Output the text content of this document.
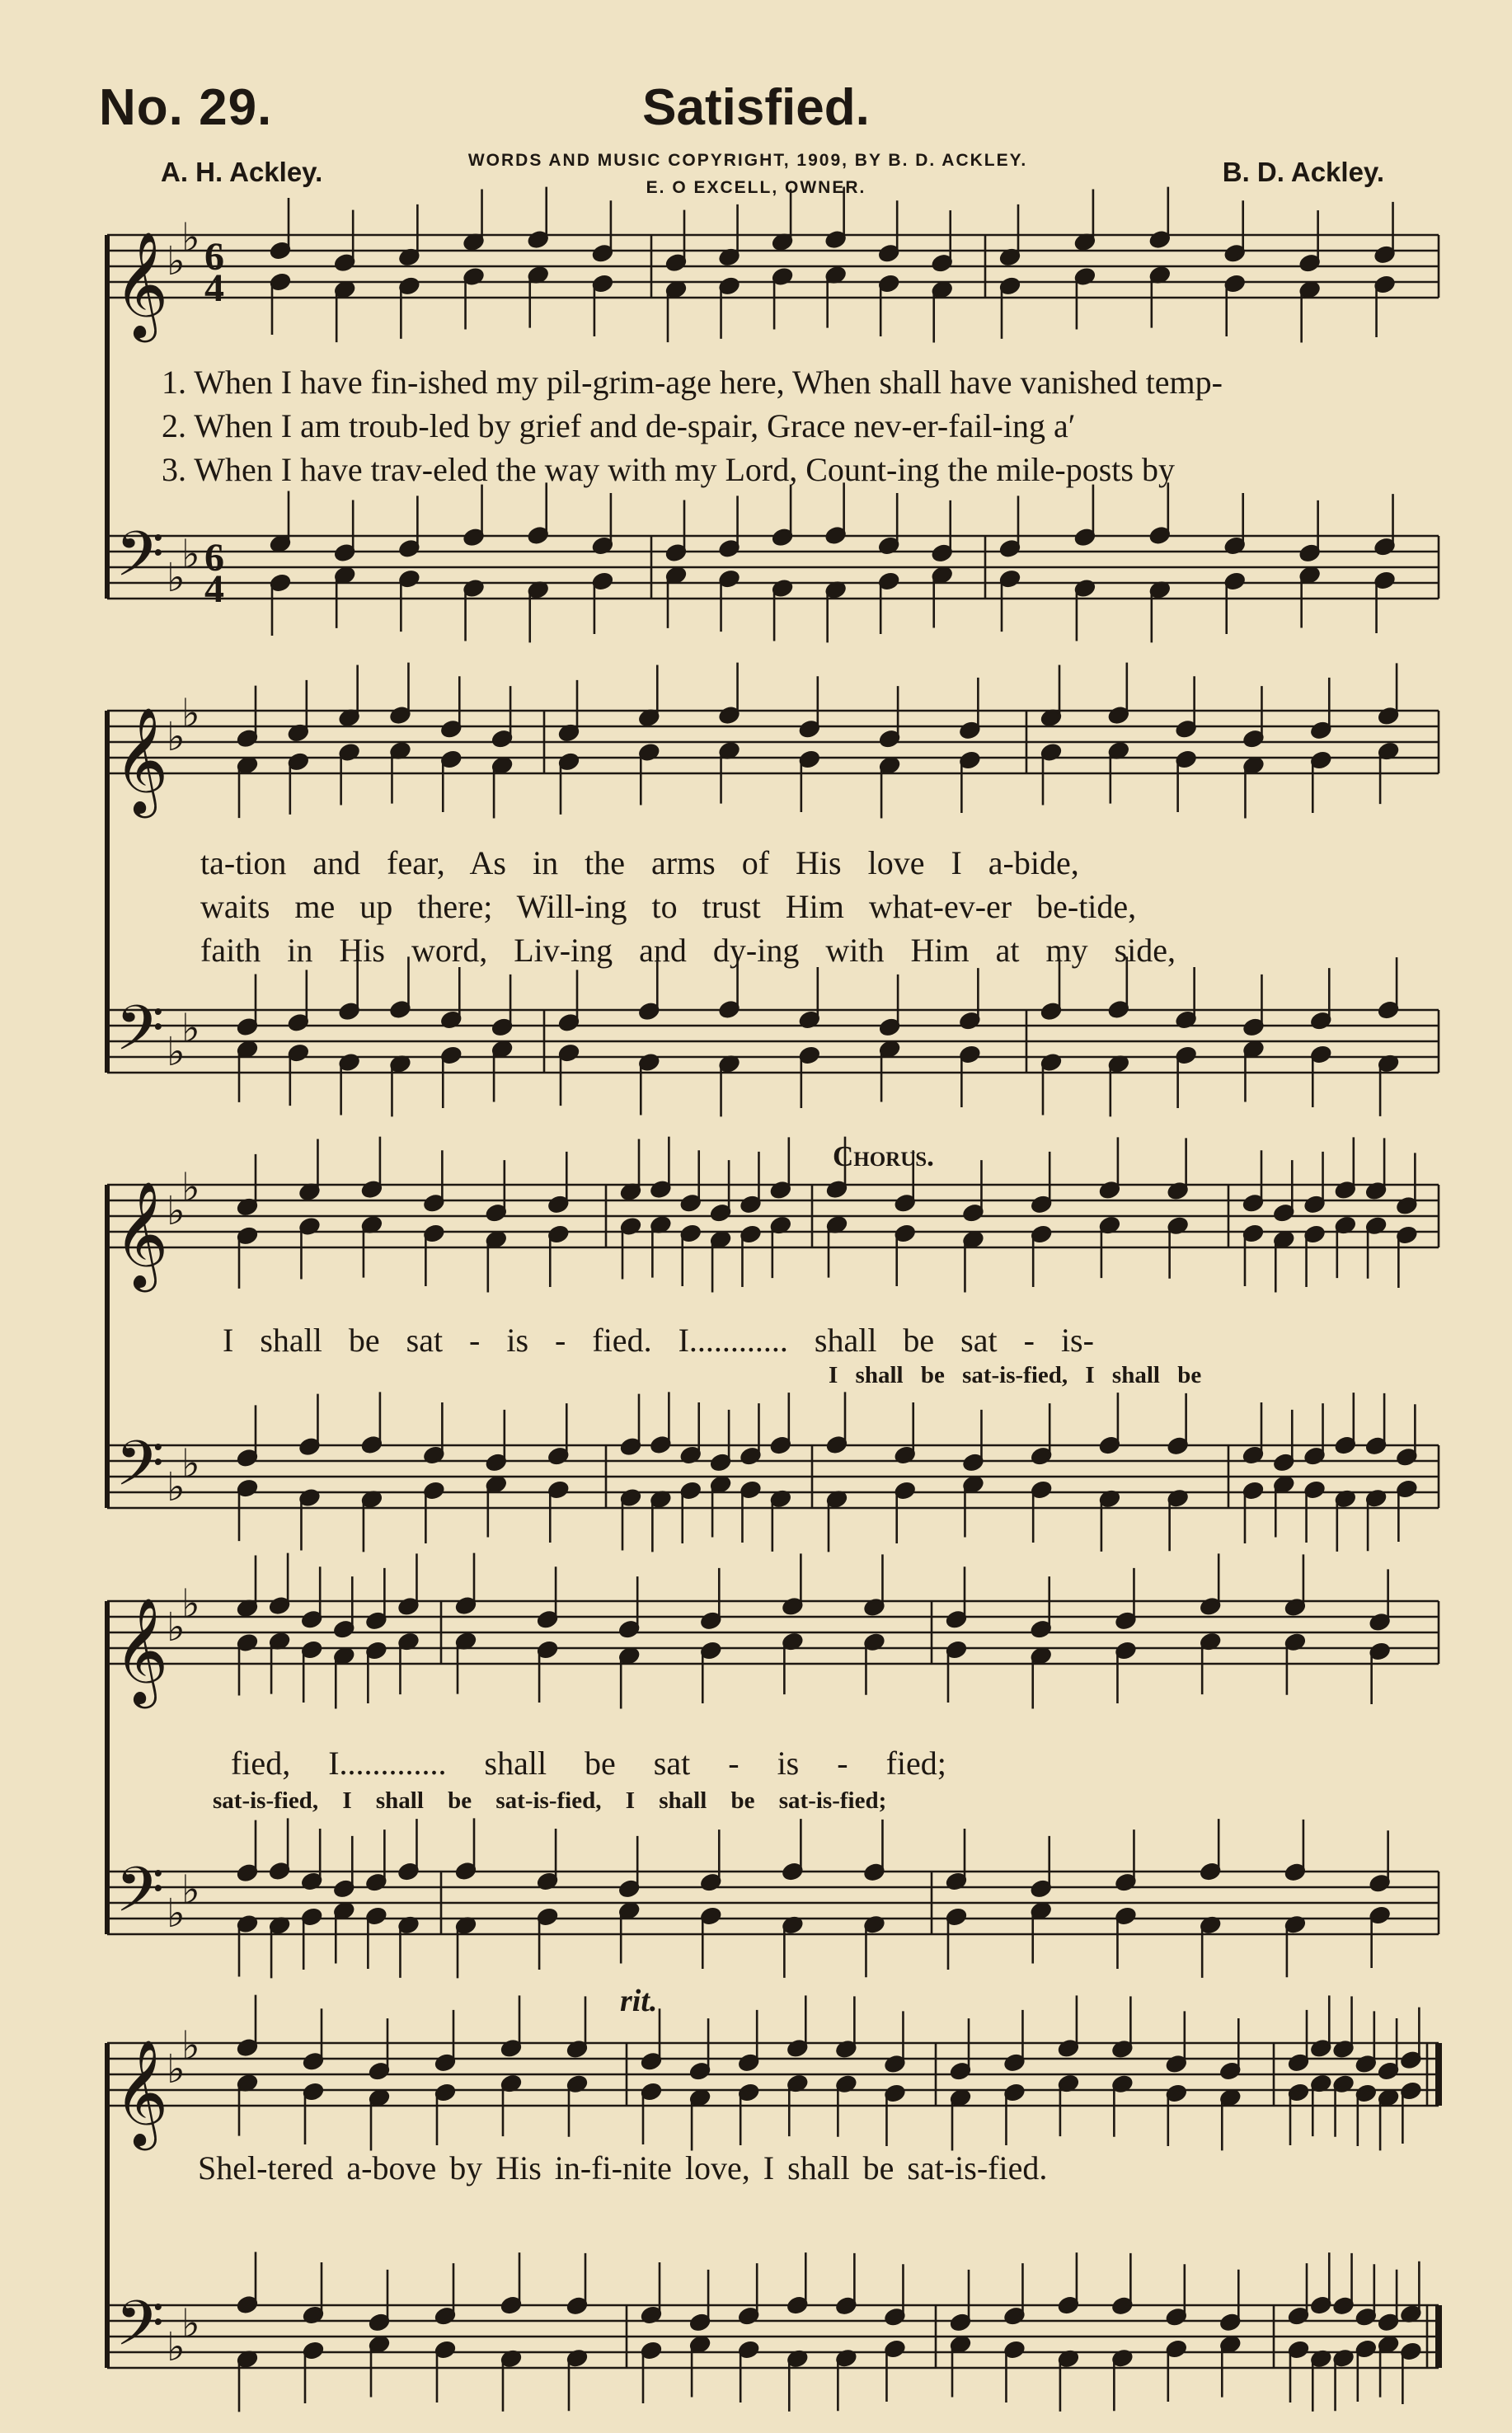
No. 29.	Satisfied.
A. H. Ackley.	B. D. Ackley.
WORDS AND MUSIC COPYRIGHT, 1909, BY B. D. ACKLEY.
E. O EXCELL, OWNER.
𝄞
𝄢
♭
♭
♭
♭
6
4
6
4
𝄞
𝄢
♭
♭
♭
♭
𝄞
𝄢
♭
♭
♭
♭
𝄞
𝄢
♭
♭
♭
♭
𝄞
𝄢
♭
♭
♭
♭
1. When I have fin-ished my pil-grim-age here, When shall have vanished temp-
2. When I am troub-led by grief and de-spair, Grace nev-er-fail-ing a′
3. When I have trav-eled the way with my Lord, Count-ing the mile-posts by
ta-tion and fear, As in the arms of His love I a-bide,
waits me up there; Will-ing to trust Him what-ev-er be-tide,
faith in His word, Liv-ing and dy-ing with Him at my side,
Chorus.
I shall be sat - is - fied. I............ shall be sat - is-
I shall be sat-is-fied, I shall be
fied, I............. shall be sat - is - fied;
sat-is-fied, I shall be sat-is-fied, I shall be sat-is-fied;
rit.
Shel-tered a-bove by His in-fi-nite love, I shall be sat-is-fied.
